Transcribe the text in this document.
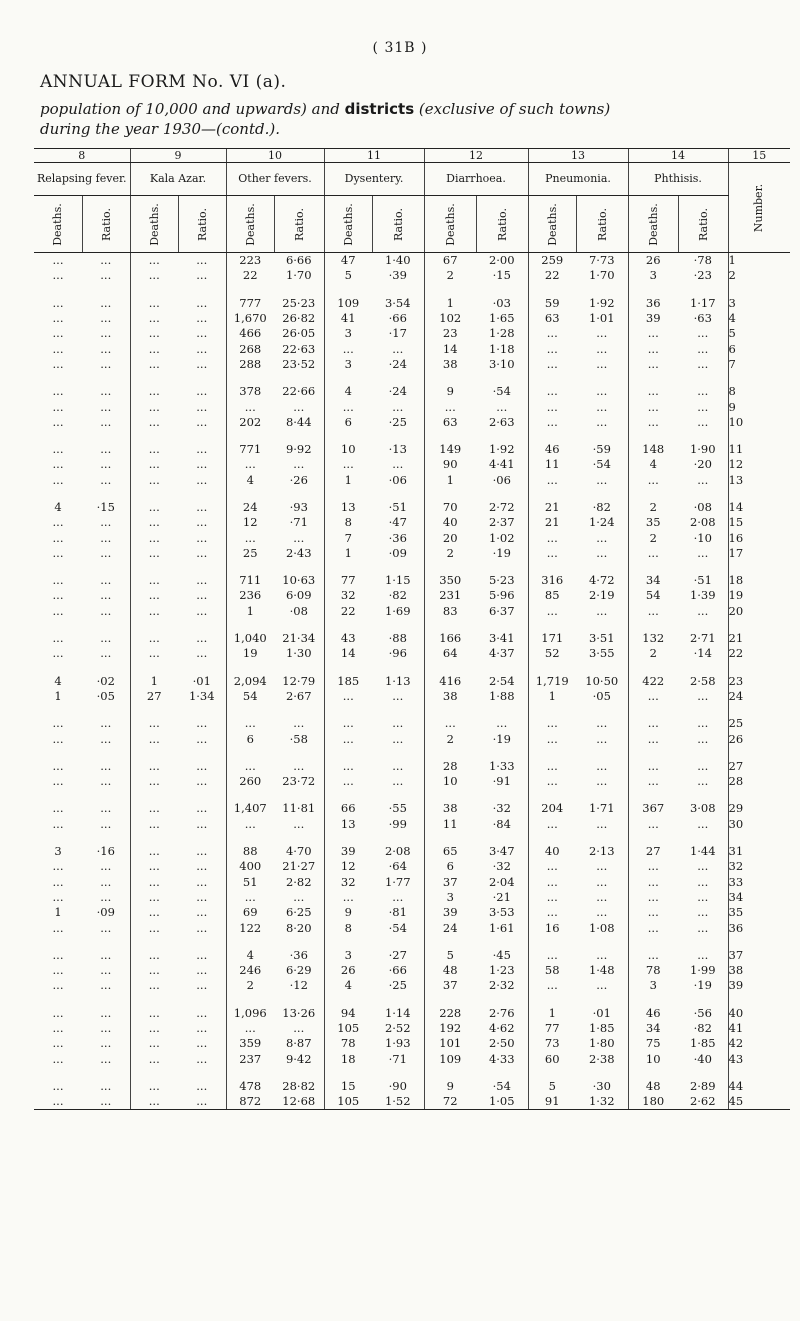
( 31B )
ANNUAL FORM No. VI (a).
population of 10,000 and upwards) and districts (exclusive of such towns)
during the year 1930—(contd.).
8		9		10		11		12		13		14		15
Relapsing fever.		Kala Azar.		Other fevers.		Dysentery.		Diarrhoea.		Pneumonia.		Phthisis.		Number.
Deaths.	Ratio.	Deaths.	Ratio.	Deaths.	Ratio.	Deaths.	Ratio.	Deaths.	Ratio.	Deaths.	Ratio.	Deaths.	Ratio.	
...	...	...	...	223	6·66	47	1·40	67	2·00	259	7·73	26	·78	1
...	...	...	...	22	1·70	5	·39	2	·15	22	1·70	3	·23	2

...	...	...	...	777	25·23	109	3·54	1	·03	59	1·92	36	1·17	3
...	...	...	...	1,670	26·82	41	·66	102	1·65	63	1·01	39	·63	4
...	...	...	...	466	26·05	3	·17	23	1·28	...	...	...	...	5
...	...	...	...	268	22·63	...	...	14	1·18	...	...	...	...	6
...	...	...	...	288	23·52	3	·24	38	3·10	...	...	...	...	7

...	...	...	...	378	22·66	4	·24	9	·54	...	...	...	...	8
...	...	...	...	...	...	...	...	...	...	...	...	...	...	9
...	...	...	...	202	8·44	6	·25	63	2·63	...	...	...	...	10

...	...	...	...	771	9·92	10	·13	149	1·92	46	·59	148	1·90	11
...	...	...	...	...	...	...	...	90	4·41	11	·54	4	·20	12
...	...	...	...	4	·26	1	·06	1	·06	...	...	...	...	13

4	·15	...	...	24	·93	13	·51	70	2·72	21	·82	2	·08	14
...	...	...	...	12	·71	8	·47	40	2·37	21	1·24	35	2·08	15
...	...	...	...	...	...	7	·36	20	1·02	...	...	2	·10	16
...	...	...	...	25	2·43	1	·09	2	·19	...	...	...	...	17

...	...	...	...	711	10·63	77	1·15	350	5·23	316	4·72	34	·51	18
...	...	...	...	236	6·09	32	·82	231	5·96	85	2·19	54	1·39	19
...	...	...	...	1	·08	22	1·69	83	6·37	...	...	...	...	20

...	...	...	...	1,040	21·34	43	·88	166	3·41	171	3·51	132	2·71	21
...	...	...	...	19	1·30	14	·96	64	4·37	52	3·55	2	·14	22

4	·02	1	·01	2,094	12·79	185	1·13	416	2·54	1,719	10·50	422	2·58	23
1	·05	27	1·34	54	2·67	...	...	38	1·88	1	·05	...	...	24

...	...	...	...	...	...	...	...	...	...	...	...	...	...	25
...	...	...	...	6	·58	...	...	2	·19	...	...	...	...	26

...	...	...	...	...	...	...	...	28	1·33	...	...	...	...	27
...	...	...	...	260	23·72	...	...	10	·91	...	...	...	...	28

...	...	...	...	1,407	11·81	66	·55	38	·32	204	1·71	367	3·08	29
...	...	...	...	...	...	13	·99	11	·84	...	...	...	...	30

3	·16	...	...	88	4·70	39	2·08	65	3·47	40	2·13	27	1·44	31
...	...	...	...	400	21·27	12	·64	6	·32	...	...	...	...	32
...	...	...	...	51	2·82	32	1·77	37	2·04	...	...	...	...	33
...	...	...	...	...	...	...	...	3	·21	...	...	...	...	34
1	·09	...	...	69	6·25	9	·81	39	3·53	...	...	...	...	35
...	...	...	...	122	8·20	8	·54	24	1·61	16	1·08	...	...	36

...	...	...	...	4	·36	3	·27	5	·45	...	...	...	...	37
...	...	...	...	246	6·29	26	·66	48	1·23	58	1·48	78	1·99	38
...	...	...	...	2	·12	4	·25	37	2·32	...	...	3	·19	39

...	...	...	...	1,096	13·26	94	1·14	228	2·76	1	·01	46	·56	40
...	...	...	...	...	...	105	2·52	192	4·62	77	1·85	34	·82	41
...	...	...	...	359	8·87	78	1·93	101	2·50	73	1·80	75	1·85	42
...	...	...	...	237	9·42	18	·71	109	4·33	60	2·38	10	·40	43

...	...	...	...	478	28·82	15	·90	9	·54	5	·30	48	2·89	44
...	...	...	...	872	12·68	105	1·52	72	1·05	91	1·32	180	2·62	45
